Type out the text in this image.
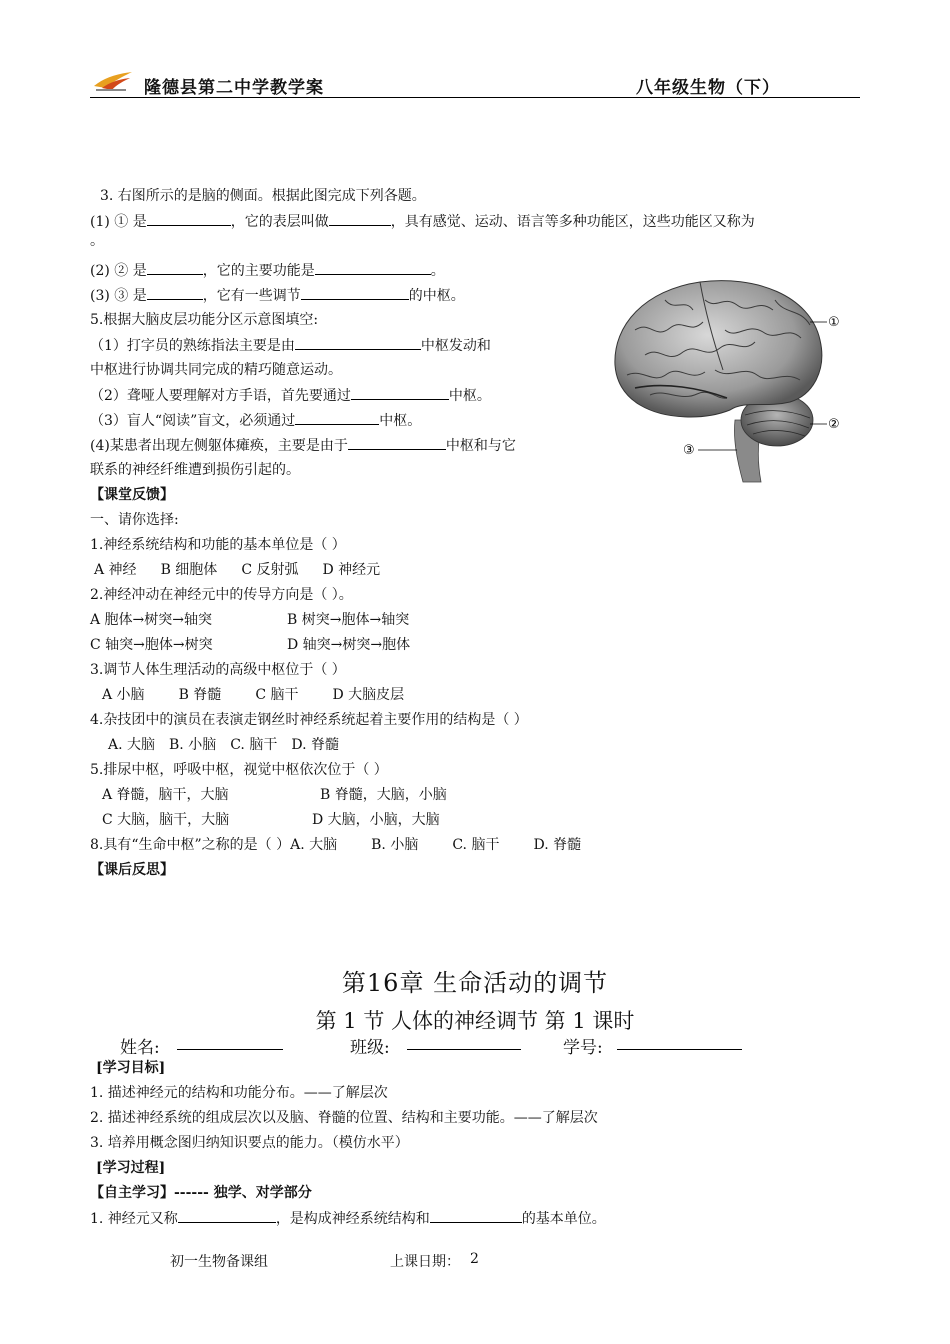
隆德县第二中学教学案	八年级生物（下）
3. 右图所示的是脑的侧面。根据此图完成下列各题。
(1) ① 是	，它的表层叫做	，具有感觉、运动、语言等多种功能区，这些功能区又称为
。
(2) ② 是	，它的主要功能是	。
(3) ③ 是	，它有一些调节	的中枢。
5.根据大脑皮层功能分区示意图填空:
（1）打字员的熟练指法主要是由	中枢发动和
中枢进行协调共同完成的精巧随意运动。
（2）聋哑人要理解对方手语，首先要通过	中枢。
（3）盲人“阅读”盲文，必须通过	中枢。
(4)某患者出现左侧躯体瘫痪，主要是由于	中枢和与它
联系的神经纤维遭到损伤引起的。
①
②
③
【课堂反馈】
一、请你选择:
1.神经系统结构和功能的基本单位是（ ）
A 神经 B 细胞体 C 反射弧 D 神经元
2.神经冲动在神经元中的传导方向是（ ）。
A 胞体→树突→轴突	B 树突→胞体→轴突
C 轴突→胞体→树突	D 轴突→树突→胞体
3.调节人体生理活动的高级中枢位于（ ）
A 小脑 B 脊髓 C 脑干 D 大脑皮层
4.杂技团中的演员在表演走钢丝时神经系统起着主要作用的结构是（ ）
A. 大脑 B. 小脑 C. 脑干 D. 脊髓
5.排尿中枢，呼吸中枢，视觉中枢依次位于（ ）
A 脊髓，脑干，大脑	B 脊髓，大脑，小脑
C 大脑，脑干，大脑	D 大脑，小脑，大脑
8.具有“生命中枢”之称的是（ ）A. 大脑 B. 小脑 C. 脑干 D. 脊髓
【课后反思】
第16章 生命活动的调节
第 1 节 人体的神经调节 第 1 课时
姓名:	班级:	学号:
[学习目标]
1. 描述神经元的结构和功能分布。——了解层次
2. 描述神经系统的组成层次以及脑、脊髓的位置、结构和主要功能。——了解层次
3. 培养用概念图归纳知识要点的能力。（模仿水平）
[学习过程]
【自主学习】------ 独学、对学部分
1. 神经元又称	，是构成神经系统结构和	的基本单位。
初一生物备课组	上课日期： 2
